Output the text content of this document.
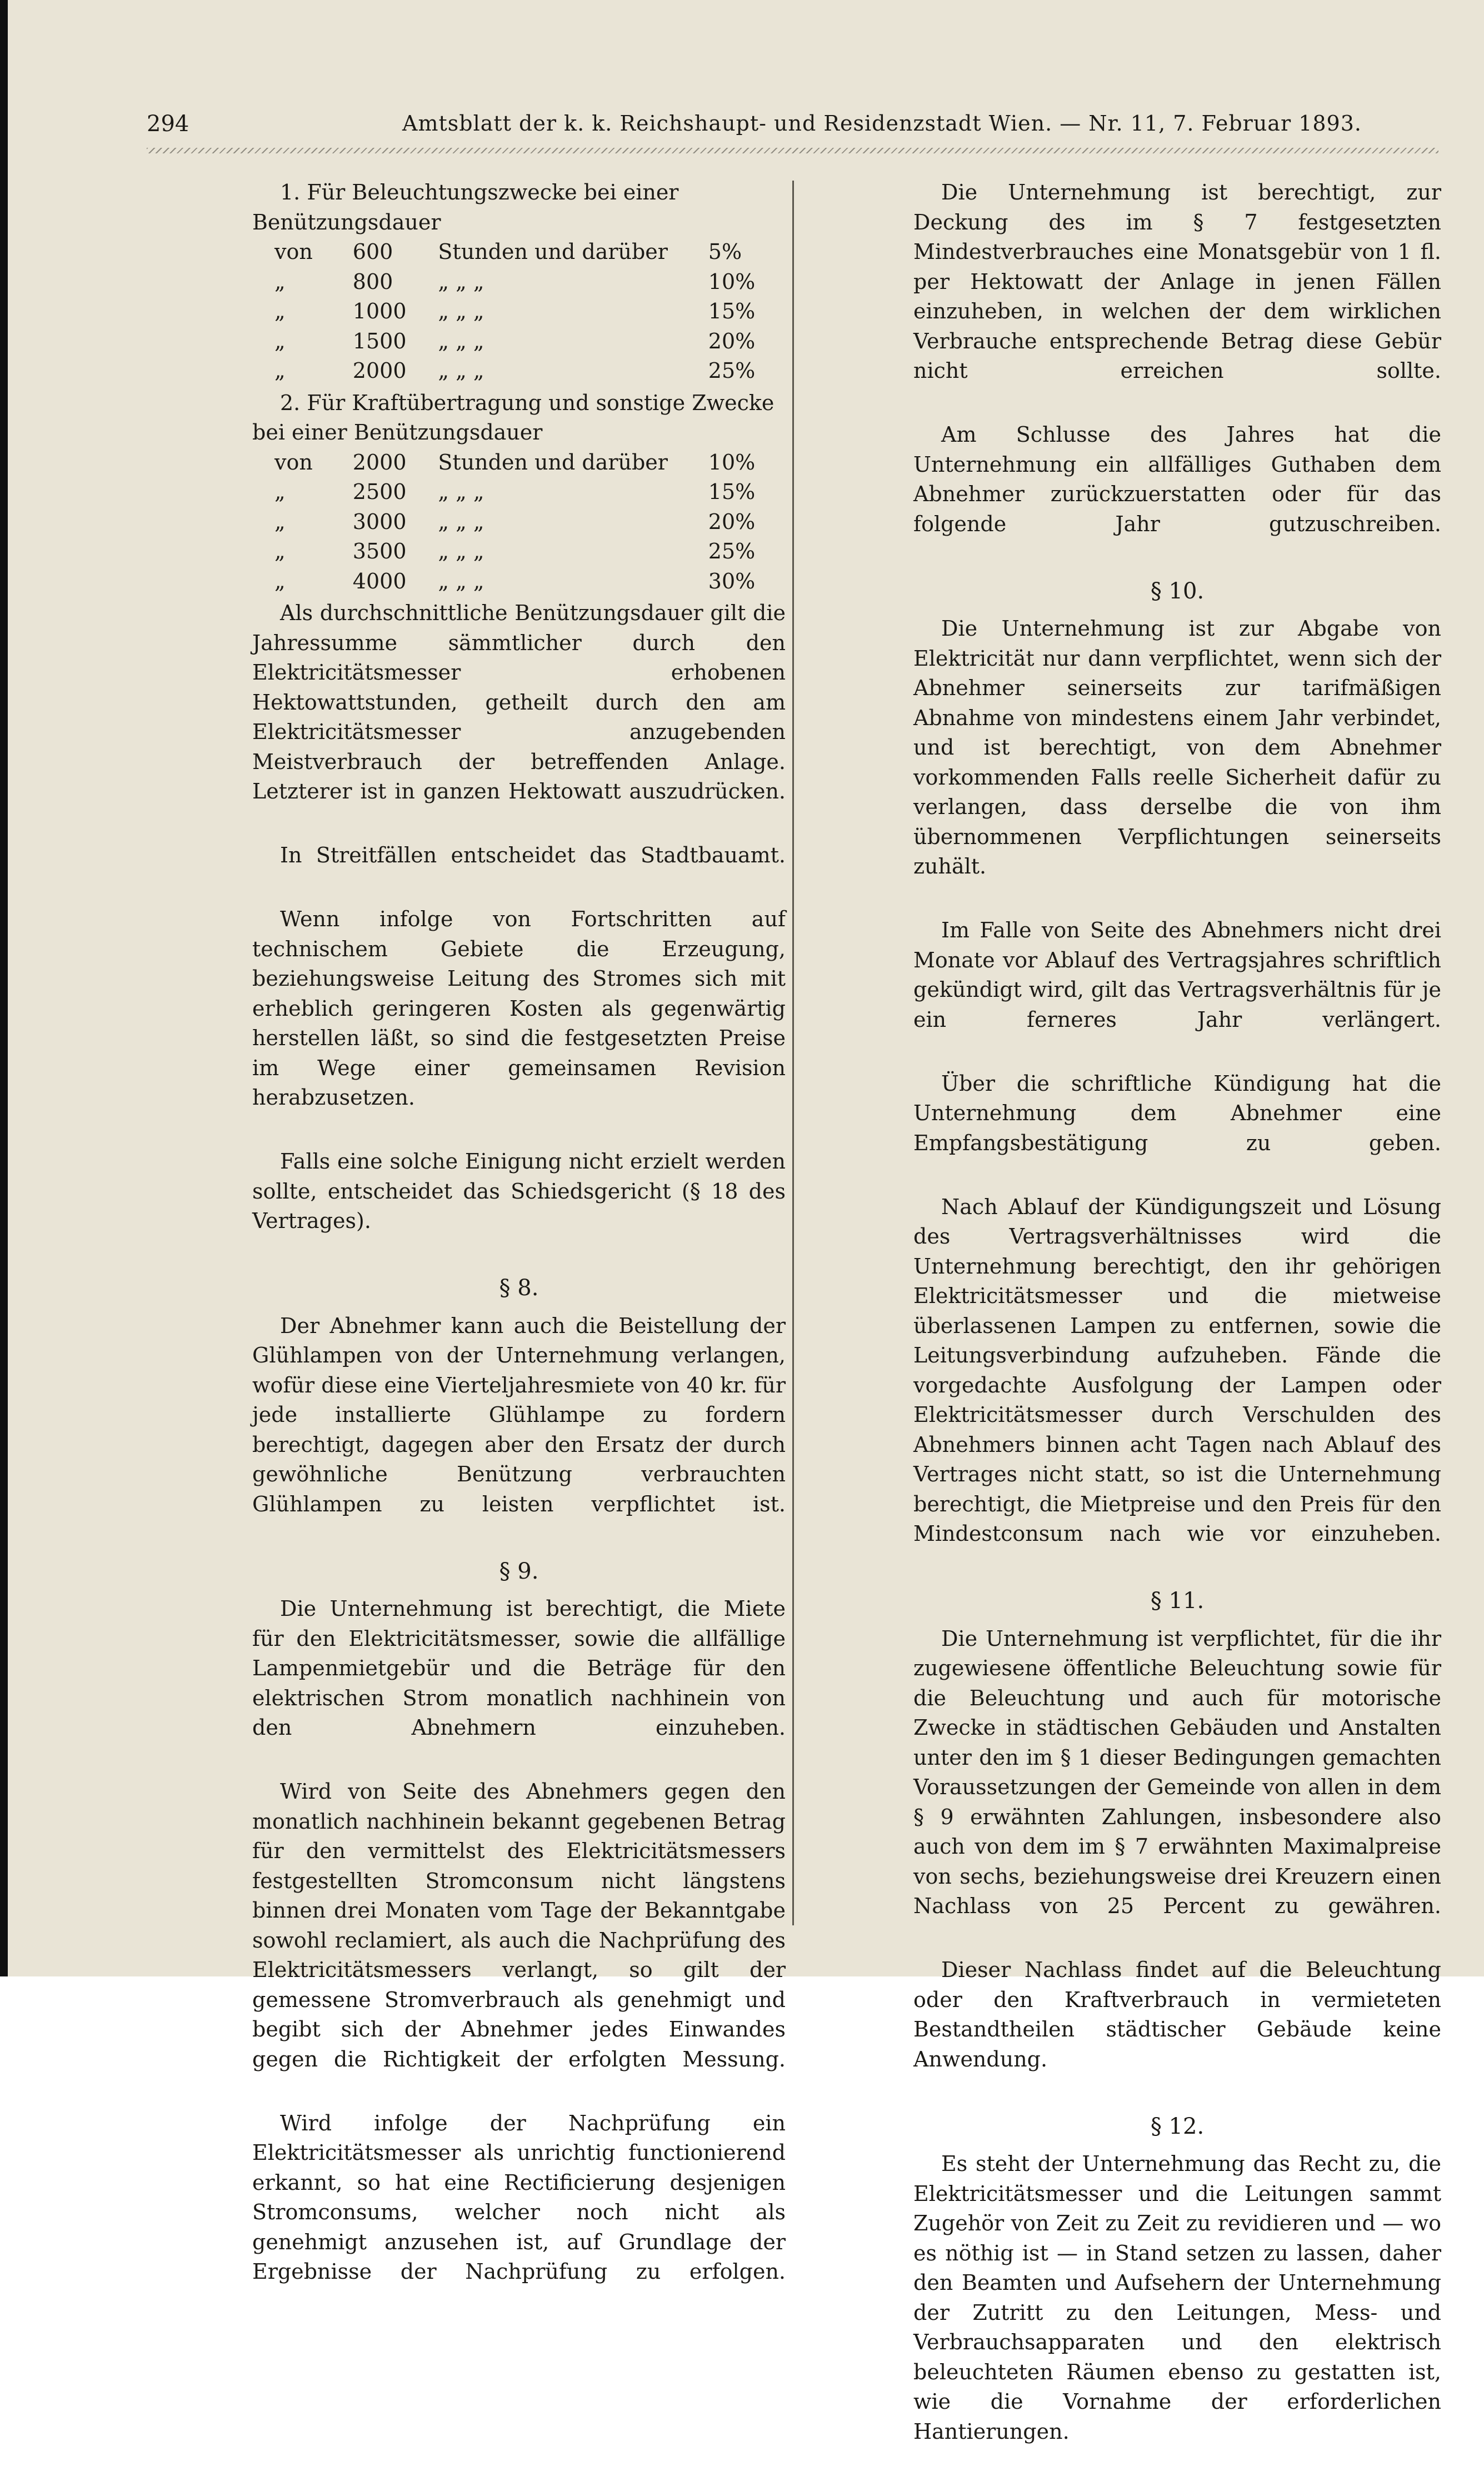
294	Amtsblatt der k. k. Reichshaupt- und Residenzstadt Wien. — Nr. 11, 7. Februar 1893.

1. Für Beleuchtungszwecke bei einer Benützungsdauer

von	600	Stunden und darüber	5%
„	800	„ „ „	10%
„	1000	„ „ „	15%
„	1500	„ „ „	20%
„	2000	„ „ „	25%

2. Für Kraftübertragung und sonstige Zwecke bei einer Benützungsdauer

von	2000	Stunden und darüber	10%
„	2500	„ „ „	15%
„	3000	„ „ „	20%
„	3500	„ „ „	25%
„	4000	„ „ „	30%

Als durchschnittliche Benützungsdauer gilt die Jahressumme sämmtlicher durch den Elektricitätsmesser erhobenen Hektowattstunden, getheilt durch den am Elektricitätsmesser anzugebenden Meistverbrauch der betreffenden Anlage. Letzterer ist in ganzen Hektowatt auszudrücken.

In Streitfällen entscheidet das Stadtbauamt.

Wenn infolge von Fortschritten auf technischem Gebiete die Erzeugung, beziehungsweise Leitung des Stromes sich mit erheblich geringeren Kosten als gegenwärtig herstellen läßt, so sind die festgesetzten Preise im Wege einer gemeinsamen Revision herabzusetzen.

Falls eine solche Einigung nicht erzielt werden sollte, entscheidet das Schiedsgericht (§ 18 des Vertrages).

§ 8.

Der Abnehmer kann auch die Beistellung der Glühlampen von der Unternehmung verlangen, wofür diese eine Vierteljahresmiete von 40 kr. für jede installierte Glühlampe zu fordern berechtigt, dagegen aber den Ersatz der durch gewöhnliche Benützung verbrauchten Glühlampen zu leisten verpflichtet ist.

§ 9.

Die Unternehmung ist berechtigt, die Miete für den Elektricitätsmesser, sowie die allfällige Lampenmietgebür und die Beträge für den elektrischen Strom monatlich nachhinein von den Abnehmern einzuheben.

Wird von Seite des Abnehmers gegen den monatlich nachhinein bekannt gegebenen Betrag für den vermittelst des Elektricitätsmessers festgestellten Stromconsum nicht längstens binnen drei Monaten vom Tage der Bekanntgabe sowohl reclamiert, als auch die Nachprüfung des Elektricitätsmessers verlangt, so gilt der gemessene Stromverbrauch als genehmigt und begibt sich der Abnehmer jedes Einwandes gegen die Richtigkeit der erfolgten Messung.

Wird infolge der Nachprüfung ein Elektricitätsmesser als unrichtig functionierend erkannt, so hat eine Rectificierung desjenigen Stromconsums, welcher noch nicht als genehmigt anzusehen ist, auf Grundlage der Ergebnisse der Nachprüfung zu erfolgen.

Die Unternehmung ist berechtigt, zur Deckung des im § 7 festgesetzten Mindestverbrauches eine Monatsgebür von 1 fl. per Hektowatt der Anlage in jenen Fällen einzuheben, in welchen der dem wirklichen Verbrauche entsprechende Betrag diese Gebür nicht erreichen sollte.

Am Schlusse des Jahres hat die Unternehmung ein allfälliges Guthaben dem Abnehmer zurückzuerstatten oder für das folgende Jahr gutzuschreiben.

§ 10.

Die Unternehmung ist zur Abgabe von Elektricität nur dann verpflichtet, wenn sich der Abnehmer seinerseits zur tarifmäßigen Abnahme von mindestens einem Jahr verbindet, und ist berechtigt, von dem Abnehmer vorkommenden Falls reelle Sicherheit dafür zu verlangen, dass derselbe die von ihm übernommenen Verpflichtungen seinerseits zuhält.

Im Falle von Seite des Abnehmers nicht drei Monate vor Ablauf des Vertragsjahres schriftlich gekündigt wird, gilt das Vertragsverhältnis für je ein ferneres Jahr verlängert.

Über die schriftliche Kündigung hat die Unternehmung dem Abnehmer eine Empfangsbestätigung zu geben.

Nach Ablauf der Kündigungszeit und Lösung des Vertragsverhältnisses wird die Unternehmung berechtigt, den ihr gehörigen Elektricitätsmesser und die mietweise überlassenen Lampen zu entfernen, sowie die Leitungsverbindung aufzuheben. Fände die vorgedachte Ausfolgung der Lampen oder Elektricitätsmesser durch Verschulden des Abnehmers binnen acht Tagen nach Ablauf des Vertrages nicht statt, so ist die Unternehmung berechtigt, die Mietpreise und den Preis für den Mindestconsum nach wie vor einzuheben.

§ 11.

Die Unternehmung ist verpflichtet, für die ihr zugewiesene öffentliche Beleuchtung sowie für die Beleuchtung und auch für motorische Zwecke in städtischen Gebäuden und Anstalten unter den im § 1 dieser Bedingungen gemachten Voraussetzungen der Gemeinde von allen in dem § 9 erwähnten Zahlungen, insbesondere also auch von dem im § 7 erwähnten Maximalpreise von sechs, beziehungsweise drei Kreuzern einen Nachlass von 25 Percent zu gewähren.

Dieser Nachlass findet auf die Beleuchtung oder den Kraftverbrauch in vermieteten Bestandtheilen städtischer Gebäude keine Anwendung.

§ 12.

Es steht der Unternehmung das Recht zu, die Elektricitätsmesser und die Leitungen sammt Zugehör von Zeit zu Zeit zu revidieren und — wo es nöthig ist — in Stand setzen zu lassen, daher den Beamten und Aufsehern der Unternehmung der Zutritt zu den Leitungen, Mess- und Verbrauchsapparaten und den elektrisch beleuchteten Räumen ebenso zu gestatten ist, wie die Vornahme der erforderlichen Hantierungen.
